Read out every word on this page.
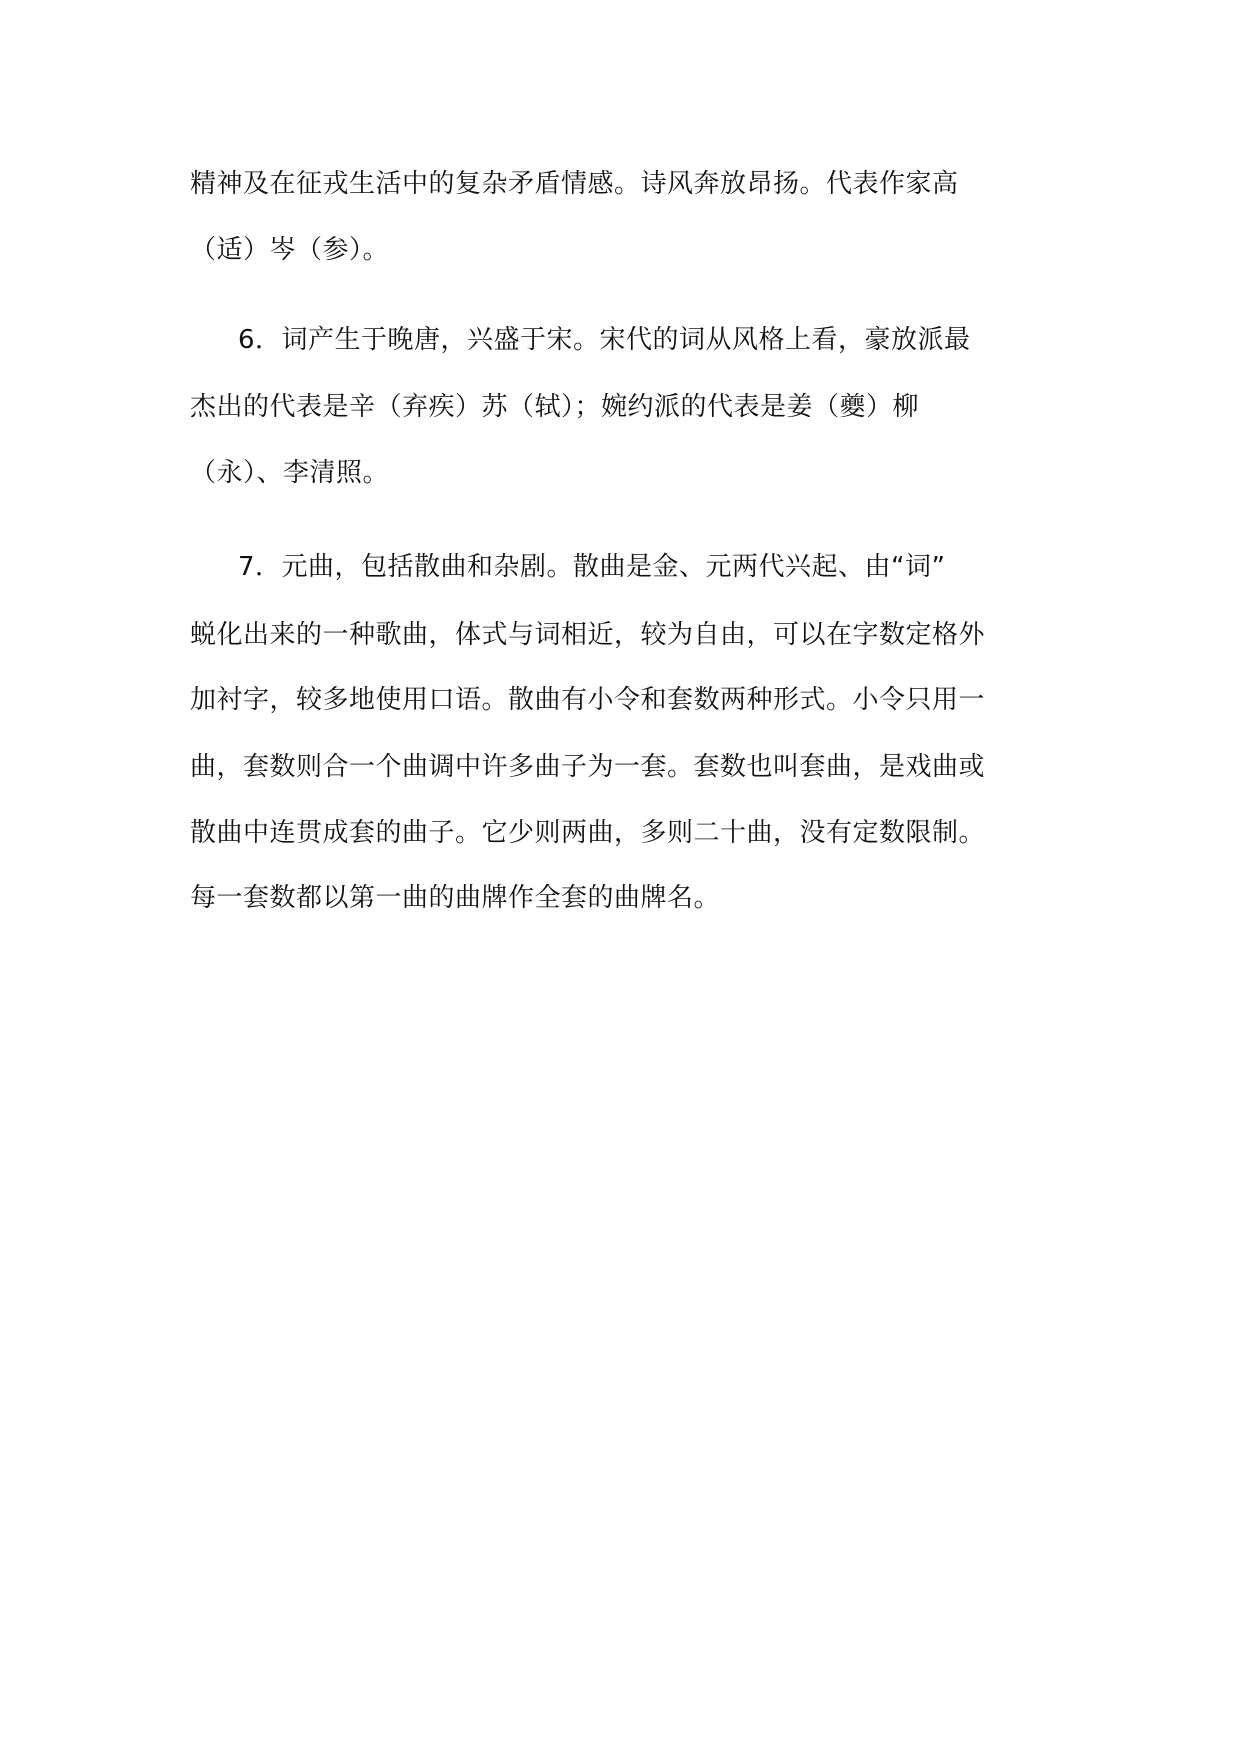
精神及在征戎生活中的复杂矛盾情感。诗风奔放昂扬。代表作家高

（适）岑（参）。

6．词产生于晚唐，兴盛于宋。宋代的词从风格上看，豪放派最

杰出的代表是辛（弃疾）苏（轼）；婉约派的代表是姜（夔）柳

（永）、李清照。

7．元曲，包括散曲和杂剧。散曲是金、元两代兴起、由“词”

蜕化出来的一种歌曲，体式与词相近，较为自由，可以在字数定格外

加衬字，较多地使用口语。散曲有小令和套数两种形式。小令只用一

曲，套数则合一个曲调中许多曲子为一套。套数也叫套曲，是戏曲或

散曲中连贯成套的曲子。它少则两曲，多则二十曲，没有定数限制。

每一套数都以第一曲的曲牌作全套的曲牌名。
